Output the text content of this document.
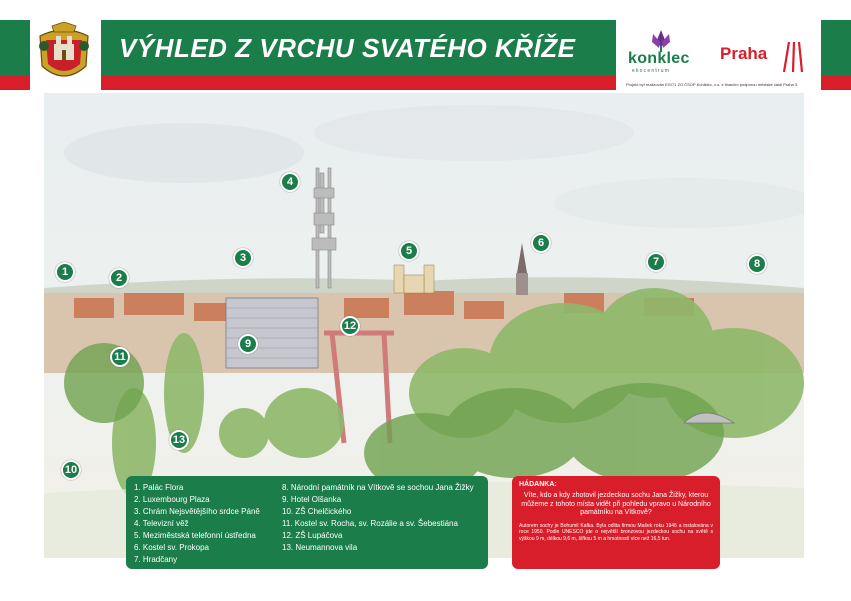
VÝHLED Z VRCHU SVATÉHO KŘÍŽE	konklec
ekocentrum
Praha
Projekt byl realizován EG/71 ZO ČSOP Koniklec, o.s. s finanční podporou městské části Praha 3.
1	2
3
4
5
6
7	8
9
10
11
12
13
1. Palác Flora
2. Luxembourg Plaza
3. Chrám Nejsvětějšího srdce Páně
4. Televizní věž
5. Meziměstská telefonní ústředna
6. Kostel sv. Prokopa
7. Hradčany
8. Národní památník na Vítkově se sochou Jana Žižky
9. Hotel Olšanka
10. ZŠ Chelčického
11. Kostel sv. Rocha, sv. Rozálie a sv. Šebestiána
12. ZŠ Lupáčova
13. Neumannova vila
HÁDANKA:
Víte, kdo a kdy zhotovil jezdeckou sochu Jana Žižky, kterou můžeme z tohoto místa vidět při pohledu vpravo u Národního památníku na Vítkově?
Autorem sochy je Bohumil Kafka. Byla odlita firmou Mašek roku 1946 a instalována v roce 1950. Podle UNESCO jde o největší bronzovou jezdeckou sochu na světě s výškou 9 m, délkou 9,6 m, šířkou 5 m a hmotností více než 16,5 tun.
